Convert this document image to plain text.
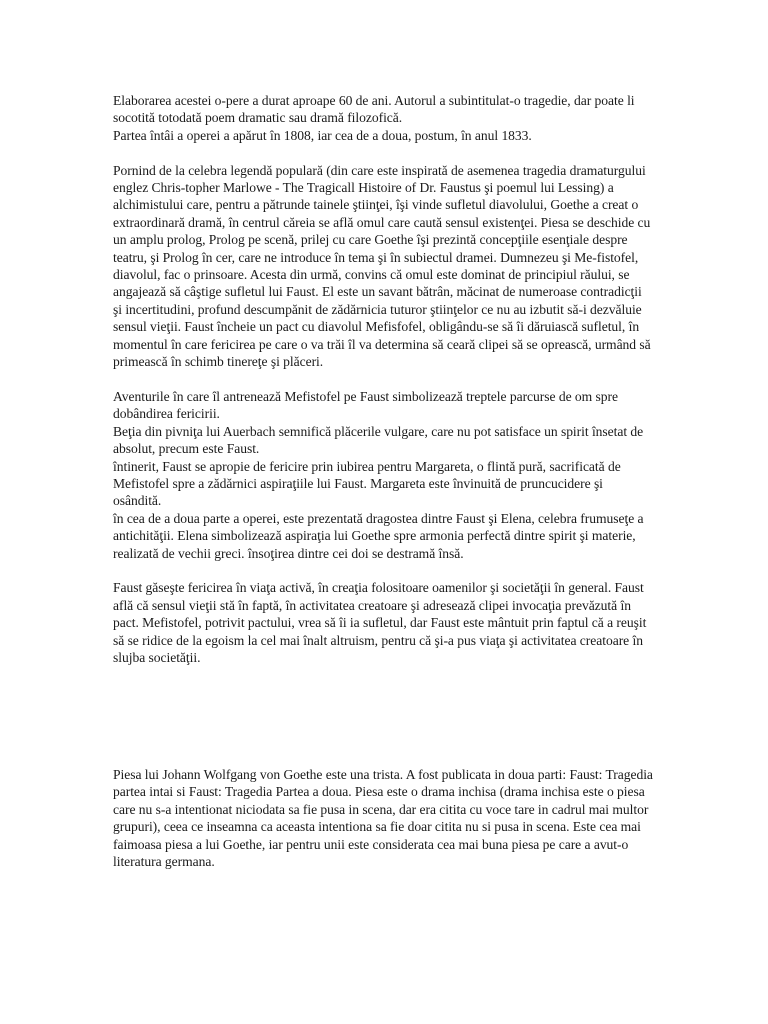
Elaborarea acestei o-pere a durat aproape 60 de ani. Autorul a subintitulat-o tragedie, dar poate li socotită totodată poem dramatic sau dramă filozofică.

Partea întâi a operei a apărut în 1808, iar cea de a doua, postum, în anul 1833.

Pornind de la celebra legendă populară (din care este inspirată de asemenea tragedia dramaturgului englez Chris-topher Marlowe - The Tragicall Histoire of Dr. Faustus şi poemul lui Lessing) a alchimistului care, pentru a pătrunde tainele ştiinţei, îşi vinde sufletul diavolului, Goethe a creat o extraordinară dramă, în centrul căreia se află omul care caută sensul existenţei. Piesa se deschide cu un amplu prolog, Prolog pe scenă, prilej cu care Goethe îşi prezintă concepţiile esenţiale despre teatru, şi Prolog în cer, care ne introduce în tema şi în subiectul dramei. Dumnezeu şi Me-fistofel, diavolul, fac o prinsoare. Acesta din urmă, convins că omul este dominat de principiul răului, se angajează să câştige sufletul lui Faust. El este un savant bătrân, măcinat de numeroase contradicţii şi incertitudini, profund descumpănit de zădărnicia tuturor ştiinţelor ce nu au izbutit să-i dezvăluie sensul vieţii. Faust încheie un pact cu diavolul Mefisfofel, obligându-se să îi dăruiască sufletul, în momentul în care fericirea pe care o va trăi îl va determina să ceară clipei să se oprească, urmând să primească în schimb tinereţe şi plăceri.

Aventurile în care îl antrenează Mefistofel pe Faust simbolizează treptele parcurse de om spre dobândirea fericirii.

Beţia din pivniţa lui Auerbach semnifică plăcerile vulgare, care nu pot satisface un spirit însetat de absolut, precum este Faust.

întinerit, Faust se apropie de fericire prin iubirea pentru Margareta, o flintă pură, sacrificată de Mefistofel spre a zădărnici aspiraţiile lui Faust. Margareta este învinuită de pruncucidere şi osândită.

în cea de a doua parte a operei, este prezentată dragostea dintre Faust şi Elena, celebra frumuseţe a antichităţii. Elena simbolizează aspiraţia lui Goethe spre armonia perfectă dintre spirit şi materie, realizată de vechii greci. însoţirea dintre cei doi se destramă însă.

Faust găseşte fericirea în viaţa activă, în creaţia folositoare oamenilor şi societăţii în general. Faust află că sensul vieţii stă în faptă, în activitatea creatoare şi adresează clipei invocaţia prevăzută în pact. Mefistofel, potrivit pactului, vrea să îi ia sufletul, dar Faust este mântuit prin faptul că a reuşit să se ridice de la egoism la cel mai înalt altruism, pentru că şi-a pus viaţa şi activitatea creatoare în slujba societăţii.

Piesa lui Johann Wolfgang von Goethe este una trista. A fost publicata in doua parti: Faust: Tragedia partea intai si Faust: Tragedia Partea a doua. Piesa este o drama inchisa (drama inchisa este o piesa care nu s-a intentionat niciodata sa fie pusa in scena, dar era citita cu voce tare in cadrul mai multor grupuri), ceea ce inseamna ca aceasta intentiona sa fie doar citita nu si pusa in scena. Este cea mai faimoasa piesa a lui Goethe, iar pentru unii este considerata cea mai buna piesa pe care a avut-o literatura germana.
